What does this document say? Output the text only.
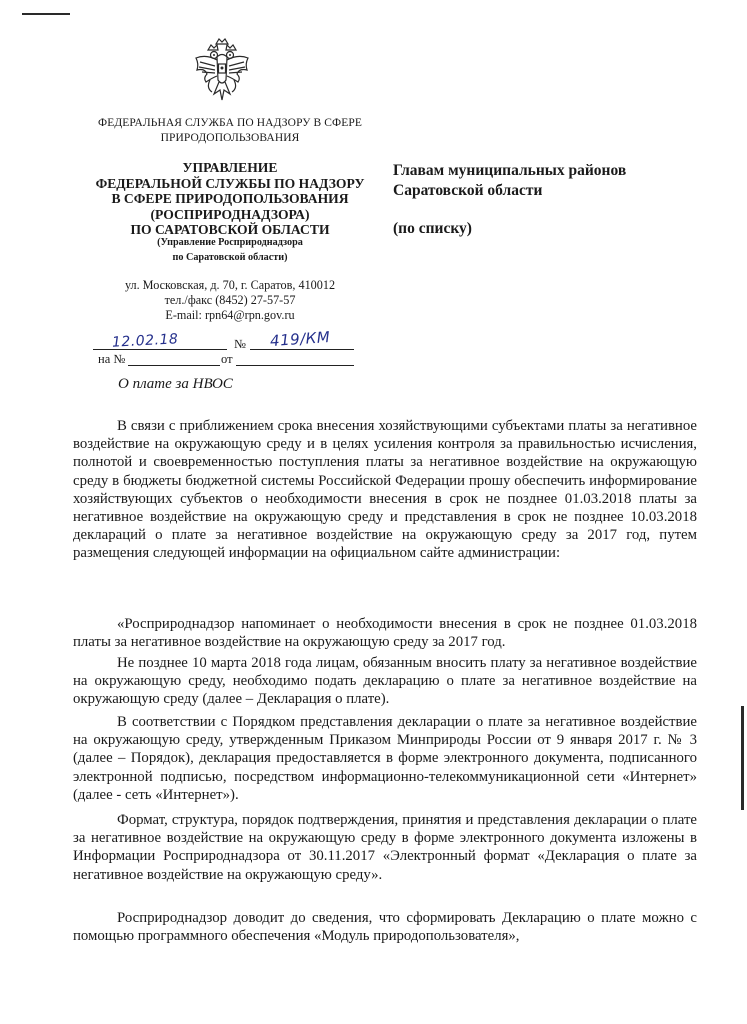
ФЕДЕРАЛЬНАЯ СЛУЖБА ПО НАДЗОРУ В СФЕРЕ ПРИРОДОПОЛЬЗОВАНИЯ
УПРАВЛЕНИЕ
ФЕДЕРАЛЬНОЙ СЛУЖБЫ ПО НАДЗОРУ
В СФЕРЕ ПРИРОДОПОЛЬЗОВАНИЯ
(РОСПРИРОДНАДЗОРА)
ПО САРАТОВСКОЙ ОБЛАСТИ
(Управление Росприроднадзора
по Саратовской области)
ул. Московская, д. 70, г. Саратов, 410012
тел./факс (8452) 27-57-57
E-mail: rpn64@rpn.gov.ru
Главам муниципальных районов
Саратовской области
(по списку)
12.02.18	№ 419/КМ
на №	от
О плате за НВОС

В связи с приближением срока внесения хозяйствующими субъектами платы за негативное воздействие на окружающую среду и в целях усиления контроля за правильностью исчисления, полнотой и своевременностью поступления платы за негативное воздействие на окружающую среду в бюджеты бюджетной системы Российской Федерации прошу обеспечить информирование хозяйствующих субъектов о необходимости внесения в срок не позднее 01.03.2018 платы за негативное воздействие на окружающую среду и представления в срок не позднее 10.03.2018 деклараций о плате за негативное воздействие на окружающую среду за 2017 год, путем размещения следующей информации на официальном сайте администрации:

«Росприроднадзор напоминает о необходимости внесения в срок не позднее 01.03.2018 платы за негативное воздействие на окружающую среду за 2017 год.

Не позднее 10 марта 2018 года лицам, обязанным вносить плату за негативное воздействие на окружающую среду, необходимо подать декларацию о плате за негативное воздействие на окружающую среду (далее – Декларация о плате).

В соответствии с Порядком представления декларации о плате за негативное воздействие на окружающую среду, утвержденным Приказом Минприроды России от 9 января 2017 г. № 3 (далее – Порядок), декларация предоставляется в форме электронного документа, подписанного электронной подписью, посредством информационно-телекоммуникационной сети «Интернет» (далее - сеть «Интернет»).

Формат, структура, порядок подтверждения, принятия и представления декларации о плате за негативное воздействие на окружающую среду в форме электронного документа изложены в Информации Росприроднадзора от 30.11.2017 «Электронный формат «Декларация о плате за негативное воздействие на окружающую среду».

Росприроднадзор доводит до сведения, что сформировать Декларацию о плате можно с помощью программного обеспечения «Модуль природопользователя»,
